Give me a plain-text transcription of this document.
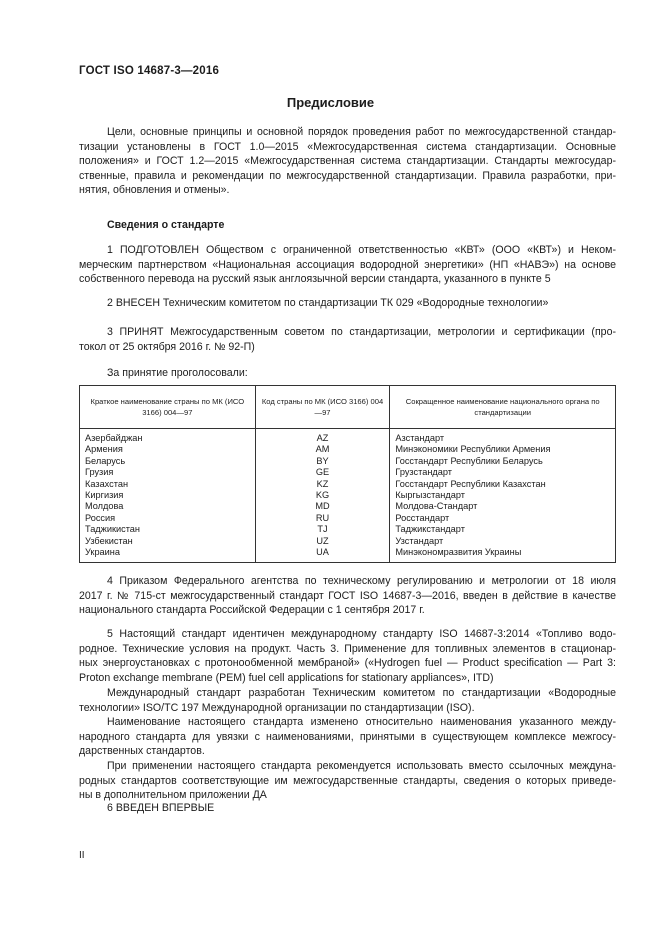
ГОСТ ISO 14687-3—2016
Предисловие
Цели, основные принципы и основной порядок проведения работ по межгосударственной стандар-
тизации установлены в ГОСТ 1.0—2015 «Межгосударственная система стандартизации. Основные
положения» и ГОСТ 1.2—2015 «Межгосударственная система стандартизации. Стандарты межгосудар-
ственные, правила и рекомендации по межгосударственной стандартизации. Правила разработки, при-
нятия, обновления и отмены».
Сведения о стандарте
1 ПОДГОТОВЛЕН Обществом с ограниченной ответственностью «КВТ» (ООО «КВТ») и Неком-
мерческим партнерством «Национальная ассоциация водородной энергетики» (НП «НАВЭ») на основе
собственного перевода на русский язык англоязычной версии стандарта, указанного в пункте 5
2 ВНЕСЕН Техническим комитетом по стандартизации ТК 029 «Водородные технологии»
3 ПРИНЯТ Межгосударственным советом по стандартизации, метрологии и сертификации (про-
токол от 25 октября 2016 г. № 92-П)
За принятие проголосовали:
Краткое наименование страны по МК (ИСО 3166) 004—97	Код страны по МК (ИСО 3166) 004—97	Сокращенное наименование национального органа по стандартизации
Азербайджан	AZ	Азстандарт
Армения	AM	Минэкономики Республики Армения
Беларусь	BY	Госстандарт Республики Беларусь
Грузия	GE	Грузстандарт
Казахстан	KZ	Госстандарт Республики Казахстан
Киргизия	KG	Кыргызстандарт
Молдова	MD	Молдова-Стандарт
Россия	RU	Росстандарт
Таджикистан	TJ	Таджикстандарт
Узбекистан	UZ	Узстандарт
Украина	UA	Минэкономразвития Украины
4 Приказом Федерального агентства по техническому регулированию и метрологии от 18 июля
2017 г. № 715-ст межгосударственный стандарт ГОСТ ISO 14687-3—2016, введен в действие в качестве
национального стандарта Российской Федерации с 1 сентября 2017 г.
5 Настоящий стандарт идентичен международному стандарту ISO 14687-3:2014 «Топливо водо-
родное. Технические условия на продукт. Часть 3. Применение для топливных элементов в стационар-
ных энергоустановках с протонообменной мембраной» («Hydrogen fuel — Product specification — Part 3:
Proton exchange membrane (PEM) fuel cell applications for stationary appliances», ITD)
Международный стандарт разработан Техническим комитетом по стандартизации «Водородные
технологии» ISO/TC 197 Международной организации по стандартизации (ISO).
Наименование настоящего стандарта изменено относительно наименования указанного между-
народного стандарта для увязки с наименованиями, принятыми в существующем комплексе межгосу-
дарственных стандартов.
При применении настоящего стандарта рекомендуется использовать вместо ссылочных междуна-
родных стандартов соответствующие им межгосударственные стандарты, сведения о которых приведе-
ны в дополнительном приложении ДА
6 ВВЕДЕН ВПЕРВЫЕ
II
